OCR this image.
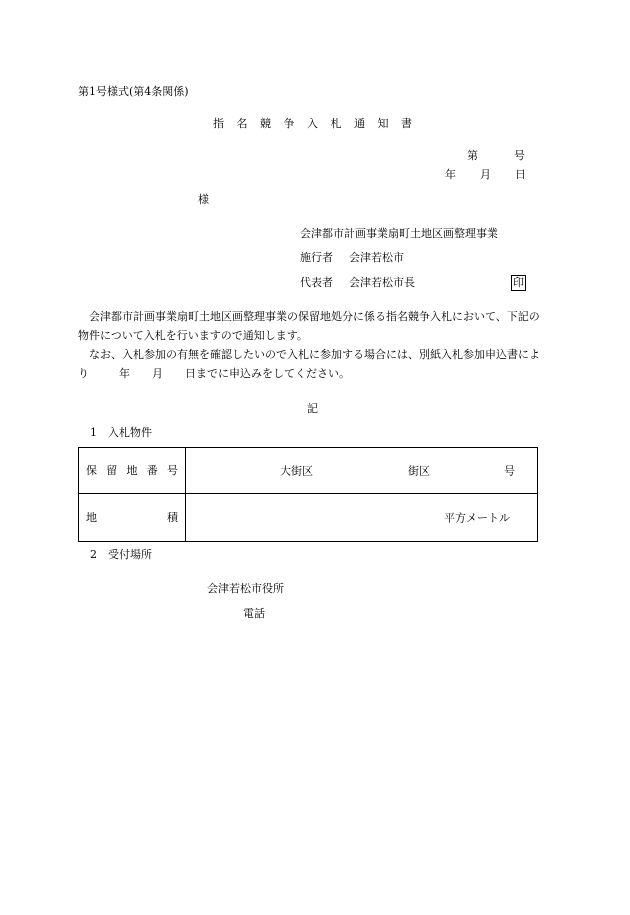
第1号様式(第4条関係)
指 名 競 争 入 札 通 知 書
第	号
年 月 日
様
会津都市計画事業扇町土地区画整理事業
施行者 会津若松市
代表者 会津若松市長	印

会津都市計画事業扇町土地区画整理事業の保留地処分に係る指名競争入札において、下記の物件について入札を行いますので通知します。

なお、入札参加の有無を確認したいので入札に参加する場合には、別紙入札参加申込書により	年 月 日までに申込みをしてください。

記
1　入札物件
保 留 地 番 号	大街区 街区 号

地 積	平方メートル
2　受付場所
会津若松市役所
電話
